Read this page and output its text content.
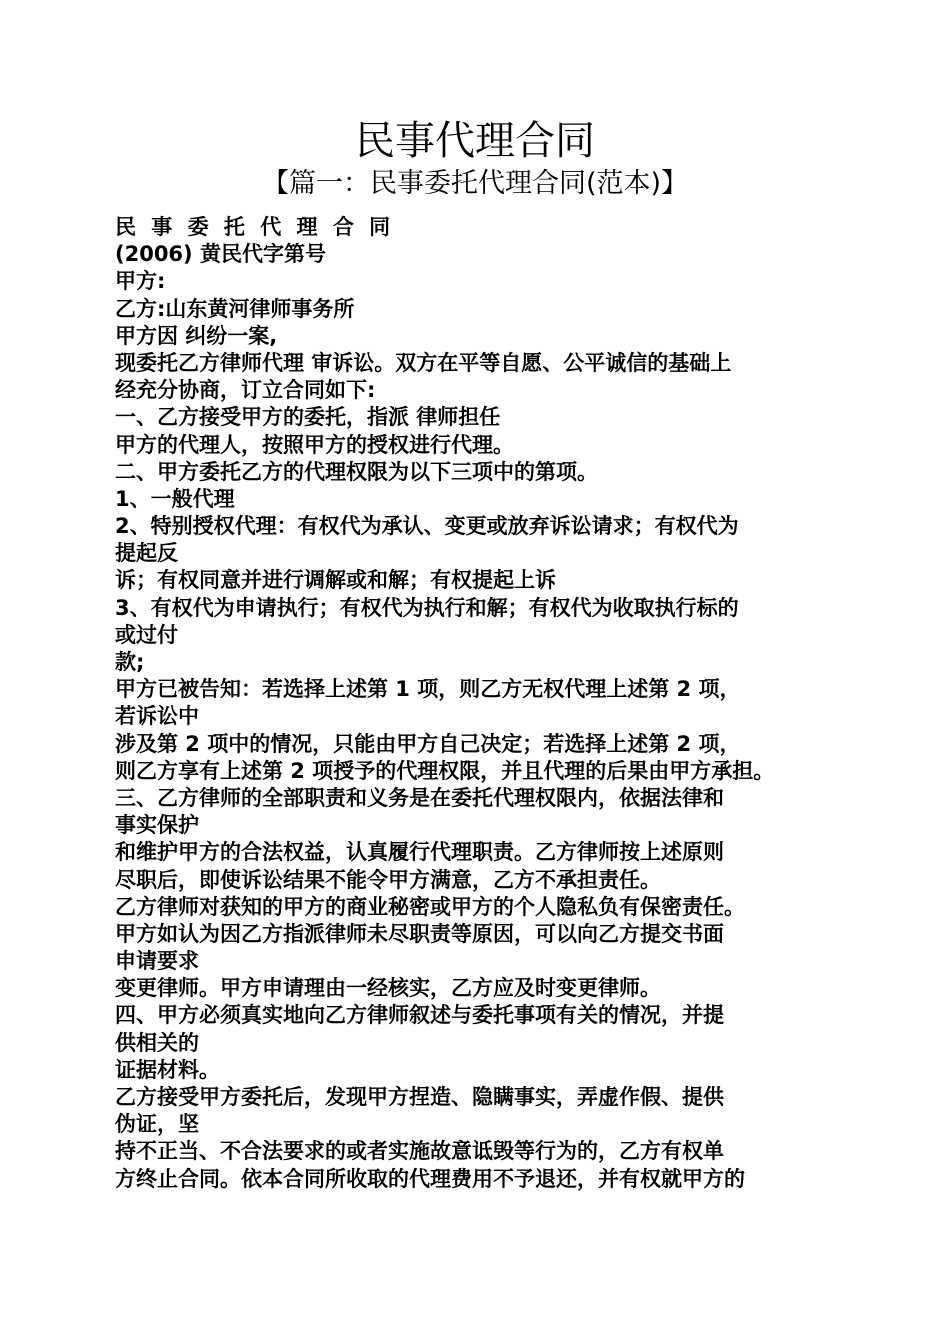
民事代理合同
【篇一：民事委托代理合同(范本)】
民 事 委 托 代 理 合 同
(2006) 黄民代字第号
甲方:
乙方:山东黄河律师事务所
甲方因 纠纷一案,
现委托乙方律师代理 审诉讼。双方在平等自愿、公平诚信的基础上
经充分协商，订立合同如下:
一、乙方接受甲方的委托，指派 律师担任
甲方的代理人，按照甲方的授权进行代理。
二、甲方委托乙方的代理权限为以下三项中的第项。
1、一般代理
2、特别授权代理：有权代为承认、变更或放弃诉讼请求；有权代为
提起反
诉；有权同意并进行调解或和解；有权提起上诉
3、有权代为申请执行；有权代为执行和解；有权代为收取执行标的
或过付
款;
甲方已被告知：若选择上述第 1 项，则乙方无权代理上述第 2 项，
若诉讼中
涉及第 2 项中的情况，只能由甲方自己决定；若选择上述第 2 项，
则乙方享有上述第 2 项授予的代理权限，并且代理的后果由甲方承担。
三、乙方律师的全部职责和义务是在委托代理权限内，依据法律和
事实保护
和维护甲方的合法权益，认真履行代理职责。乙方律师按上述原则
尽职后，即使诉讼结果不能令甲方满意，乙方不承担责任。
乙方律师对获知的甲方的商业秘密或甲方的个人隐私负有保密责任。
甲方如认为因乙方指派律师未尽职责等原因，可以向乙方提交书面
申请要求
变更律师。甲方申请理由一经核实，乙方应及时变更律师。
四、甲方必须真实地向乙方律师叙述与委托事项有关的情况，并提
供相关的
证据材料。
乙方接受甲方委托后，发现甲方捏造、隐瞒事实，弄虚作假、提供
伪证，坚
持不正当、不合法要求的或者实施故意诋毁等行为的，乙方有权单
方终止合同。依本合同所收取的代理费用不予退还，并有权就甲方的
